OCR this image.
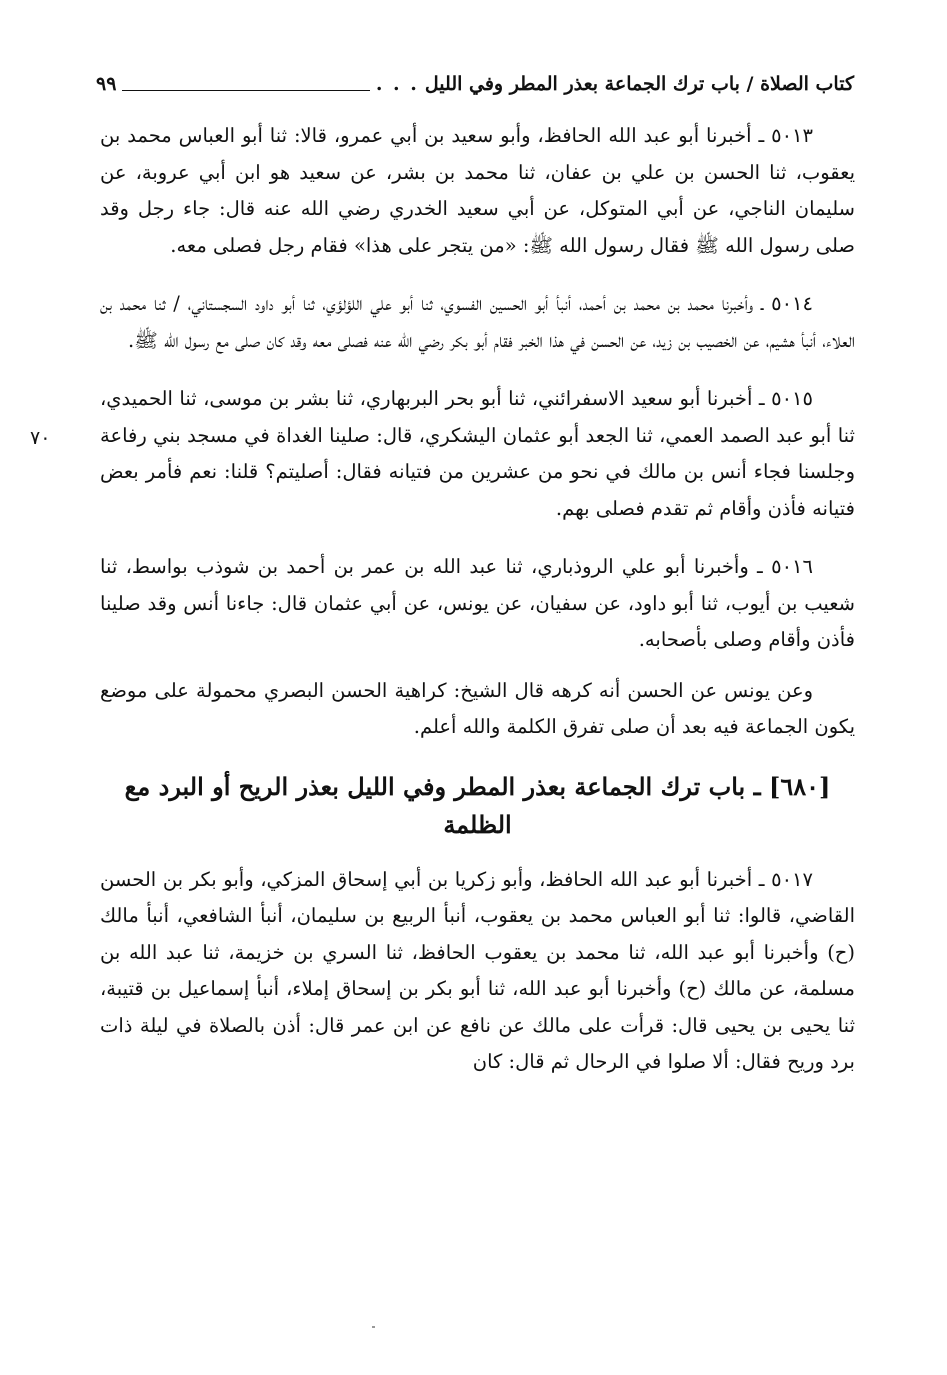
كتاب الصلاة / باب ترك الجماعة بعذر المطر وفي الليل
. . .
٩٩
٧٠

٥٠١٣ ـ أخبرنا أبو عبد الله الحافظ، وأبو سعيد بن أبي عمرو، قالا: ثنا أبو العباس محمد بن يعقوب، ثنا الحسن بن علي بن عفان، ثنا محمد بن بشر، عن سعيد هو ابن أبي عروبة، عن سليمان الناجي، عن أبي المتوكل، عن أبي سعيد الخدري رضي الله عنه قال: جاء رجل وقد صلى رسول الله ﷺ فقال رسول الله ﷺ: «من يتجر على هذا» فقام رجل فصلى معه.

٥٠١٤ ـ وأخبرنا محمد بن محمد بن أحمد، أنبأ أبو الحسين الفسوي، ثنا أبو علي اللؤلؤي، ثنا أبو داود السجستاني، / ثنا محمد بن العلاء، أنبأ هشيم، عن الخصيب بن زيد، عن الحسن في هذا الخبر فقام أبو بكر رضي الله عنه فصلى معه وقد كان صلى مع رسول الله ﷺ.

٥٠١٥ ـ أخبرنا أبو سعيد الاسفرائني، ثنا أبو بحر البربهاري، ثنا بشر بن موسى، ثنا الحميدي، ثنا أبو عبد الصمد العمي، ثنا الجعد أبو عثمان اليشكري، قال: صلينا الغداة في مسجد بني رفاعة وجلسنا فجاء أنس بن مالك في نحو من عشرين من فتيانه فقال: أصليتم؟ قلنا: نعم فأمر بعض فتيانه فأذن وأقام ثم تقدم فصلى بهم.

٥٠١٦ ـ وأخبرنا أبو علي الروذباري، ثنا عبد الله بن عمر بن أحمد بن شوذب بواسط، ثنا شعيب بن أيوب، ثنا أبو داود، عن سفيان، عن يونس، عن أبي عثمان قال: جاءنا أنس وقد صلينا فأذن وأقام وصلى بأصحابه.

وعن يونس عن الحسن أنه كرهه قال الشيخ: كراهية الحسن البصري محمولة على موضع يكون الجماعة فيه بعد أن صلى تفرق الكلمة والله أعلم.

[٦٨٠] ـ باب ترك الجماعة بعذر المطر وفي الليل بعذر الريح أو البرد مع الظلمة

٥٠١٧ ـ أخبرنا أبو عبد الله الحافظ، وأبو زكريا بن أبي إسحاق المزكي، وأبو بكر بن الحسن القاضي، قالوا: ثنا أبو العباس محمد بن يعقوب، أنبأ الربيع بن سليمان، أنبأ الشافعي، أنبأ مالك (ح) وأخبرنا أبو عبد الله، ثنا محمد بن يعقوب الحافظ، ثنا السري بن خزيمة، ثنا عبد الله بن مسلمة، عن مالك (ح) وأخبرنا أبو عبد الله، ثنا أبو بكر بن إسحاق إملاء، أنبأ إسماعيل بن قتيبة، ثنا يحيى بن يحيى قال: قرأت على مالك عن نافع عن ابن عمر قال: أذن بالصلاة في ليلة ذات برد وريح فقال: ألا صلوا في الرحال ثم قال: كان
